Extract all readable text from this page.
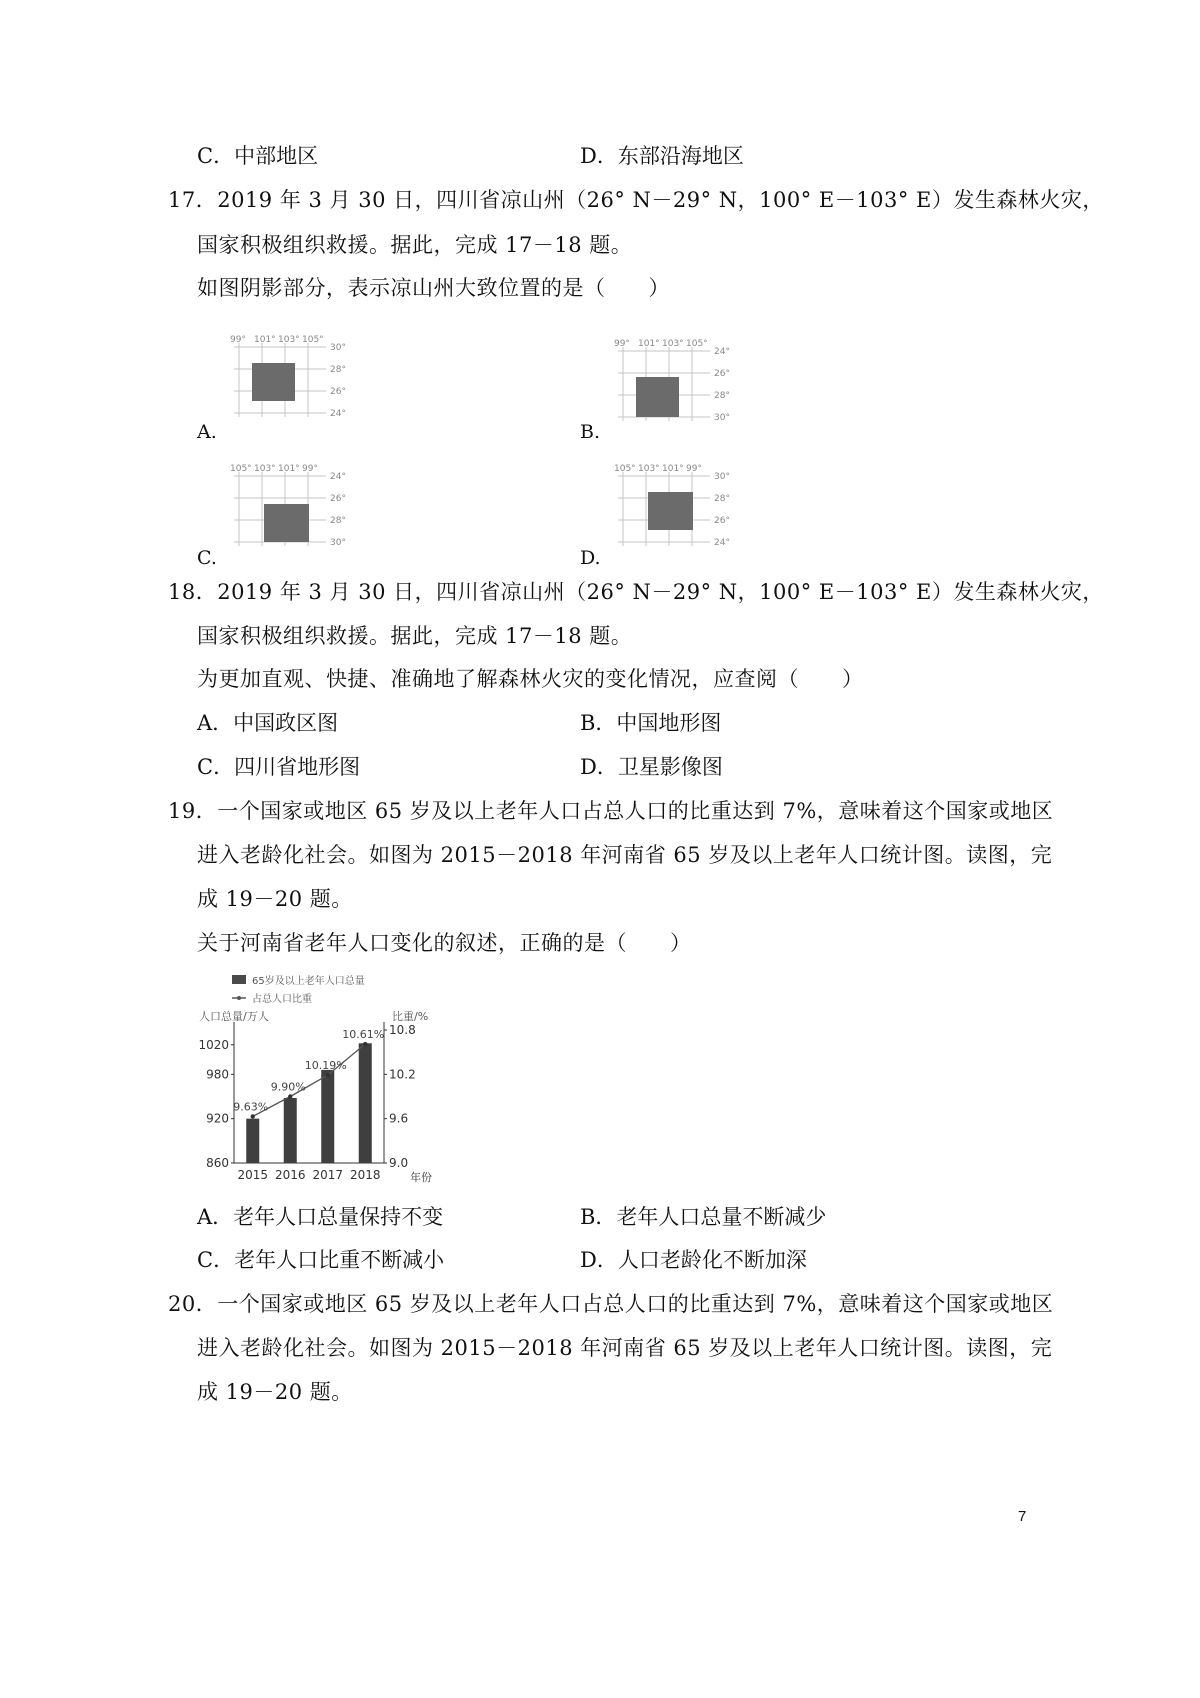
C．中部地区	D．东部沿海地区
17．2019 年 3 月 30 日，四川省凉山州（26° N－29° N，100° E－103° E）发生森林火灾，
国家积极组织救援。据此，完成 17－18 题。
如图阴影部分，表示凉山州大致位置的是（　　）
A.
99° 101° 103° 105°
30°
28°
26°
24°
B.
99° 101° 103° 105°
24°
26°
28°
30°
C.
105° 103° 101° 99°
24°
26°
28°
30°
D.
105° 103° 101° 99°
30°
28°
26°
24°
18．2019 年 3 月 30 日，四川省凉山州（26° N－29° N，100° E－103° E）发生森林火灾，
国家积极组织救援。据此，完成 17－18 题。
为更加直观、快捷、准确地了解森林火灾的变化情况，应查阅（　　）
A．中国政区图	B．中国地形图
C．四川省地形图	D．卫星影像图
19．一个国家或地区 65 岁及以上老年人口占总人口的比重达到 7%，意味着这个国家或地区
进入老龄化社会。如图为 2015－2018 年河南省 65 岁及以上老年人口统计图。读图，完
成 19－20 题。
关于河南省老年人口变化的叙述，正确的是（　　）
65岁及以上老年人口总量
占总人口比重
人口总量/万人	比重/%
年份
1020
980
920
860
10.8
10.2
9.6
9.0
2015 2016 2017 2018
9.63%
9.90%
10.19%
10.61%
A．老年人口总量保持不变	B．老年人口总量不断减少
C．老年人口比重不断减小	D．人口老龄化不断加深
20．一个国家或地区 65 岁及以上老年人口占总人口的比重达到 7%，意味着这个国家或地区
进入老龄化社会。如图为 2015－2018 年河南省 65 岁及以上老年人口统计图。读图，完
成 19－20 题。
7
